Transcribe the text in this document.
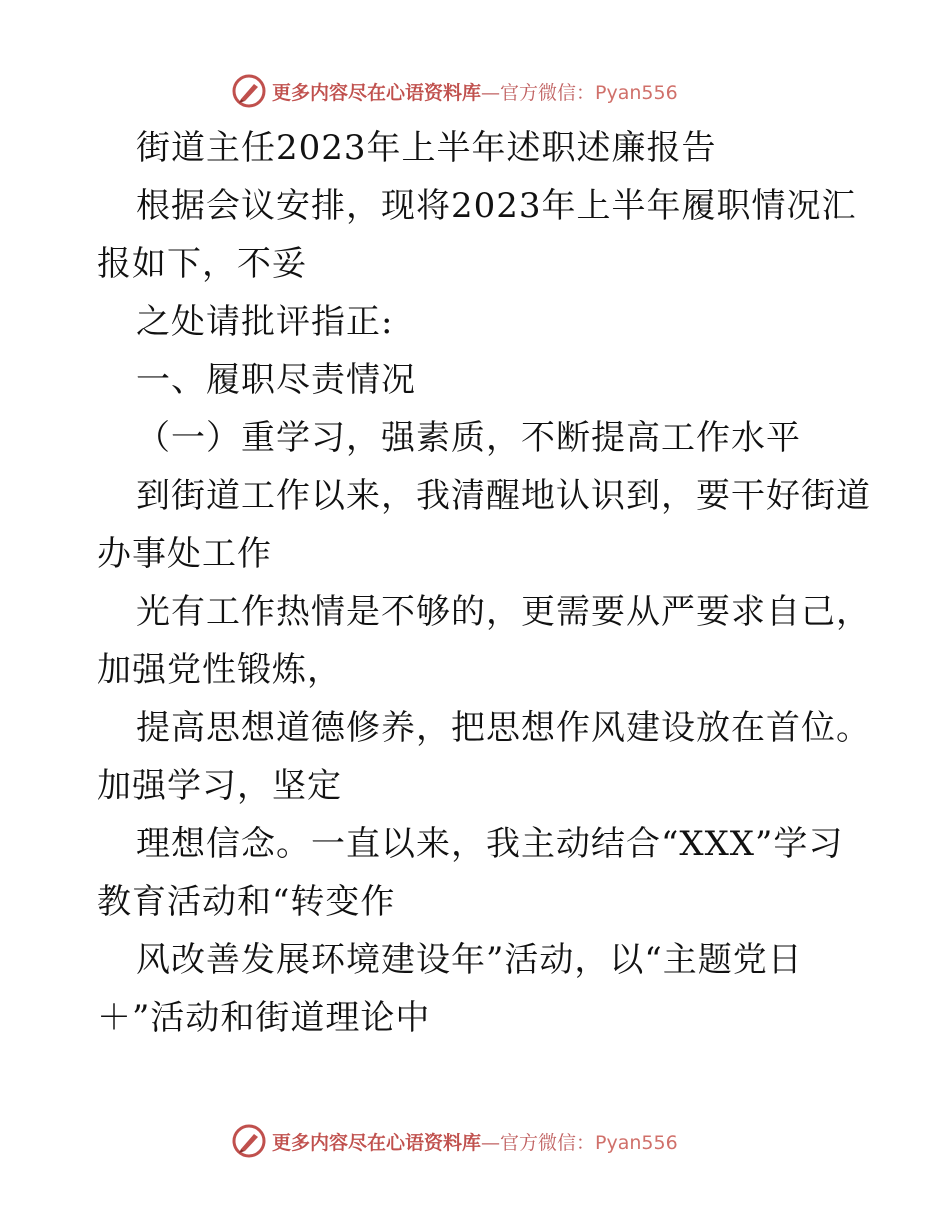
更多内容尽在心语资料库—官方微信：Pyan556
街道主任2023年上半年述职述廉报告
根据会议安排，现将2023年上半年履职情况汇
报如下，不妥
之处请批评指正:
一、履职尽责情况
（一）重学习，强素质，不断提高工作水平
到街道工作以来，我清醒地认识到，要干好街道
办事处工作
光有工作热情是不够的，更需要从严要求自己，
加强党性锻炼，
提高思想道德修养，把思想作风建设放在首位。
加强学习，坚定
理想信念。一直以来，我主动结合“XXX”学习
教育活动和“转变作
风改善发展环境建设年”活动，以“主题党日
＋”活动和街道理论中
更多内容尽在心语资料库—官方微信：Pyan556
